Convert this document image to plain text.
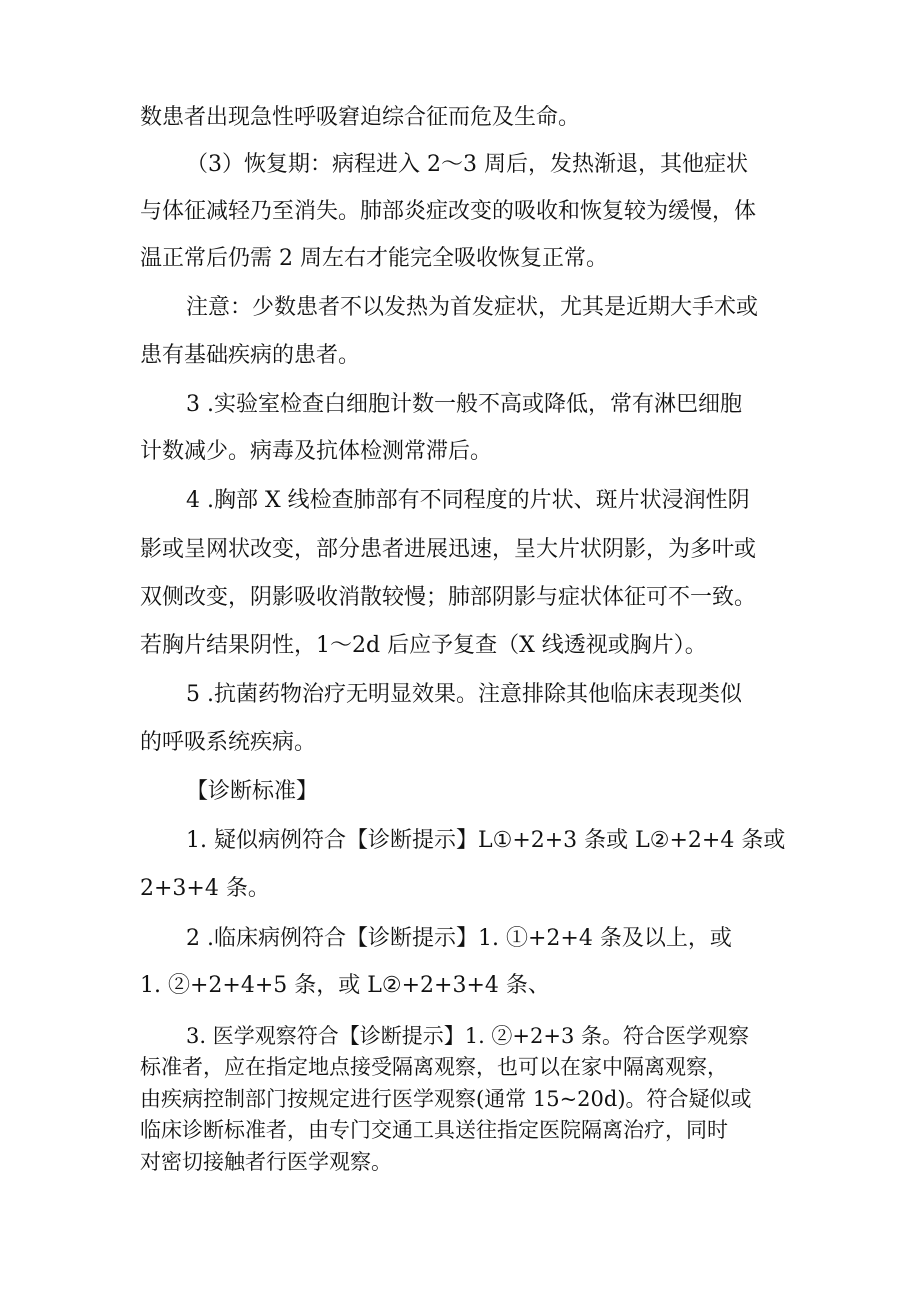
数患者出现急性呼吸窘迫综合征而危及生命。

（3）恢复期：病程进入 2～3 周后，发热渐退，其他症状

与体征减轻乃至消失。肺部炎症改变的吸收和恢复较为缓慢，体

温正常后仍需 2 周左右才能完全吸收恢复正常。

注意：少数患者不以发热为首发症状，尤其是近期大手术或

患有基础疾病的患者。

3 .实验室检查白细胞计数一般不高或降低，常有淋巴细胞

计数减少。病毒及抗体检测常滞后。

4 .胸部 X 线检查肺部有不同程度的片状、斑片状浸润性阴

影或呈网状改变，部分患者进展迅速，呈大片状阴影，为多叶或

双侧改变，阴影吸收消散较慢；肺部阴影与症状体征可不一致。

若胸片结果阴性，1～2d 后应予复查（X 线透视或胸片）。

5 .抗菌药物治疗无明显效果。注意排除其他临床表现类似

的呼吸系统疾病。

【诊断标准】

1. 疑似病例符合【诊断提示】L①+2+3 条或 L②+2+4 条或

2+3+4 条。

2 .临床病例符合【诊断提示】1. ①+2+4 条及以上，或

1. ②+2+4+5 条，或 L②+2+3+4 条、

3. 医学观察符合【诊断提示】1. ②+2+3 条。符合医学观察

标准者，应在指定地点接受隔离观察，也可以在家中隔离观察，

由疾病控制部门按规定进行医学观察(通常 15~20d)。符合疑似或

临床诊断标准者，由专门交通工具送往指定医院隔离治疗，同时

对密切接触者行医学观察。
